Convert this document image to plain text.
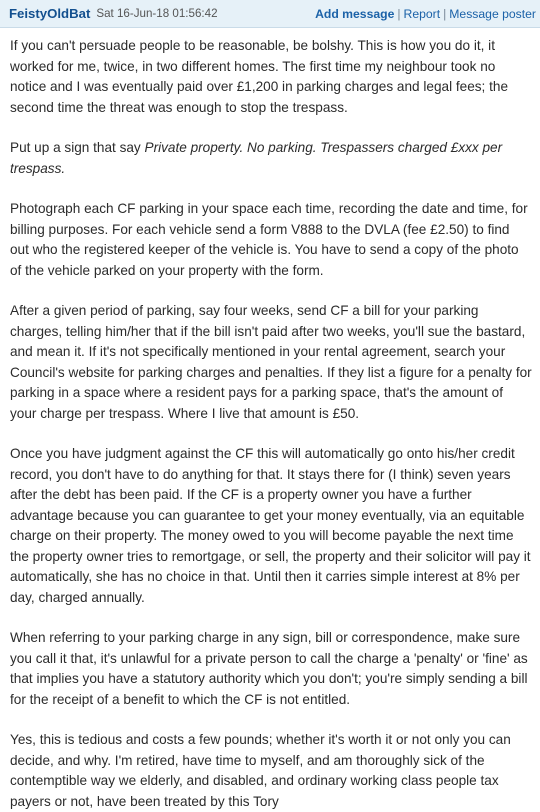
FeistyOldBat Sat 16-Jun-18 01:56:42	Add message | Report | Message poster

If you can't persuade people to be reasonable, be bolshy. This is how you do it, it worked for me, twice, in two different homes. The first time my neighbour took no notice and I was eventually paid over £1,200 in parking charges and legal fees; the second time the threat was enough to stop the trespass.

Put up a sign that say Private property. No parking. Trespassers charged £xxx per trespass.

Photograph each CF parking in your space each time, recording the date and time, for billing purposes. For each vehicle send a form V888 to the DVLA (fee £2.50) to find out who the registered keeper of the vehicle is. You have to send a copy of the photo of the vehicle parked on your property with the form.

After a given period of parking, say four weeks, send CF a bill for your parking charges, telling him/her that if the bill isn't paid after two weeks, you'll sue the bastard, and mean it. If it's not specifically mentioned in your rental agreement, search your Council's website for parking charges and penalties. If they list a figure for a penalty for parking in a space where a resident pays for a parking space, that's the amount of your charge per trespass. Where I live that amount is £50.

Once you have judgment against the CF this will automatically go onto his/her credit record, you don't have to do anything for that. It stays there for (I think) seven years after the debt has been paid. If the CF is a property owner you have a further advantage because you can guarantee to get your money eventually, via an equitable charge on their property. The money owed to you will become payable the next time the property owner tries to remortgage, or sell, the property and their solicitor will pay it automatically, she has no choice in that. Until then it carries simple interest at 8% per day, charged annually.

When referring to your parking charge in any sign, bill or correspondence, make sure you call it that, it's unlawful for a private person to call the charge a 'penalty' or 'fine' as that implies you have a statutory authority which you don't; you're simply sending a bill for the receipt of a benefit to which the CF is not entitled.

Yes, this is tedious and costs a few pounds; whether it's worth it or not only you can decide, and why. I'm retired, have time to myself, and am thoroughly sick of the contemptible way we elderly, and disabled, and ordinary working class people tax payers or not, have been treated by this Tory
